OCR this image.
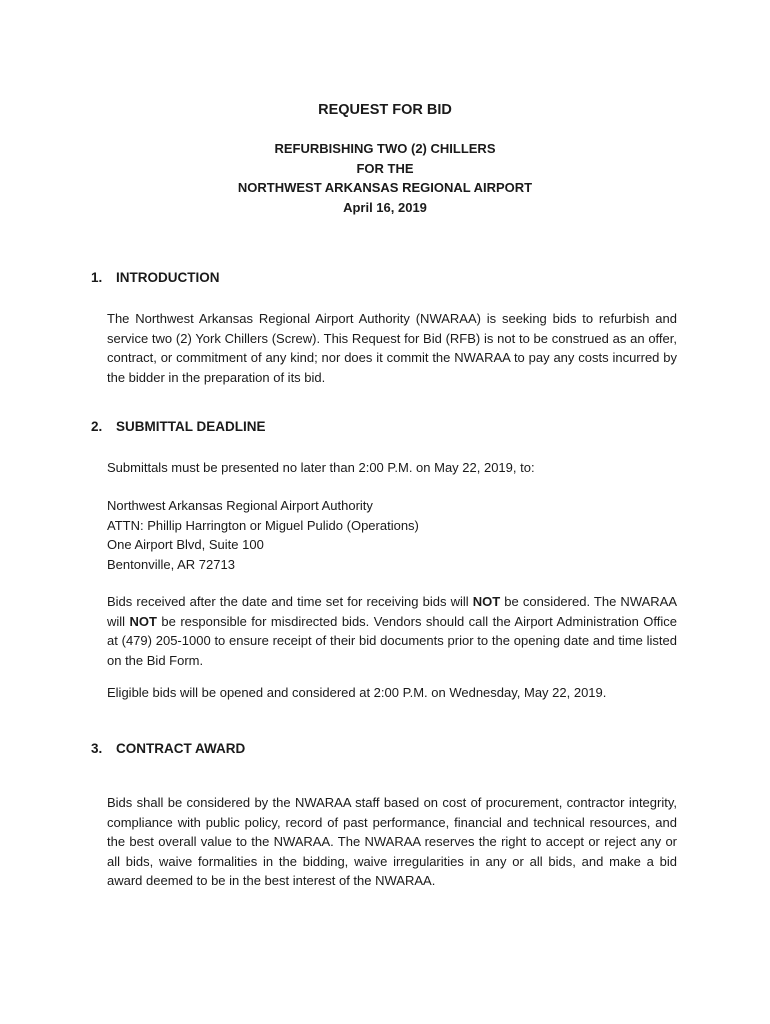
REQUEST FOR BID
REFURBISHING TWO (2) CHILLERS
FOR THE
NORTHWEST ARKANSAS REGIONAL AIRPORT
April 16, 2019
1. INTRODUCTION
The Northwest Arkansas Regional Airport Authority (NWARAA) is seeking bids to refurbish and service two (2) York Chillers (Screw). This Request for Bid (RFB) is not to be construed as an offer, contract, or commitment of any kind; nor does it commit the NWARAA to pay any costs incurred by the bidder in the preparation of its bid.
2. SUBMITTAL DEADLINE
Submittals must be presented no later than 2:00 P.M. on May 22, 2019, to:
Northwest Arkansas Regional Airport Authority
ATTN: Phillip Harrington or Miguel Pulido (Operations)
One Airport Blvd, Suite 100
Bentonville, AR 72713
Bids received after the date and time set for receiving bids will NOT be considered. The NWARAA will NOT be responsible for misdirected bids. Vendors should call the Airport Administration Office at (479) 205-1000 to ensure receipt of their bid documents prior to the opening date and time listed on the Bid Form.
Eligible bids will be opened and considered at 2:00 P.M. on Wednesday, May 22, 2019.
3. CONTRACT AWARD
Bids shall be considered by the NWARAA staff based on cost of procurement, contractor integrity, compliance with public policy, record of past performance, financial and technical resources, and the best overall value to the NWARAA. The NWARAA reserves the right to accept or reject any or all bids, waive formalities in the bidding, waive irregularities in any or all bids, and make a bid award deemed to be in the best interest of the NWARAA.
